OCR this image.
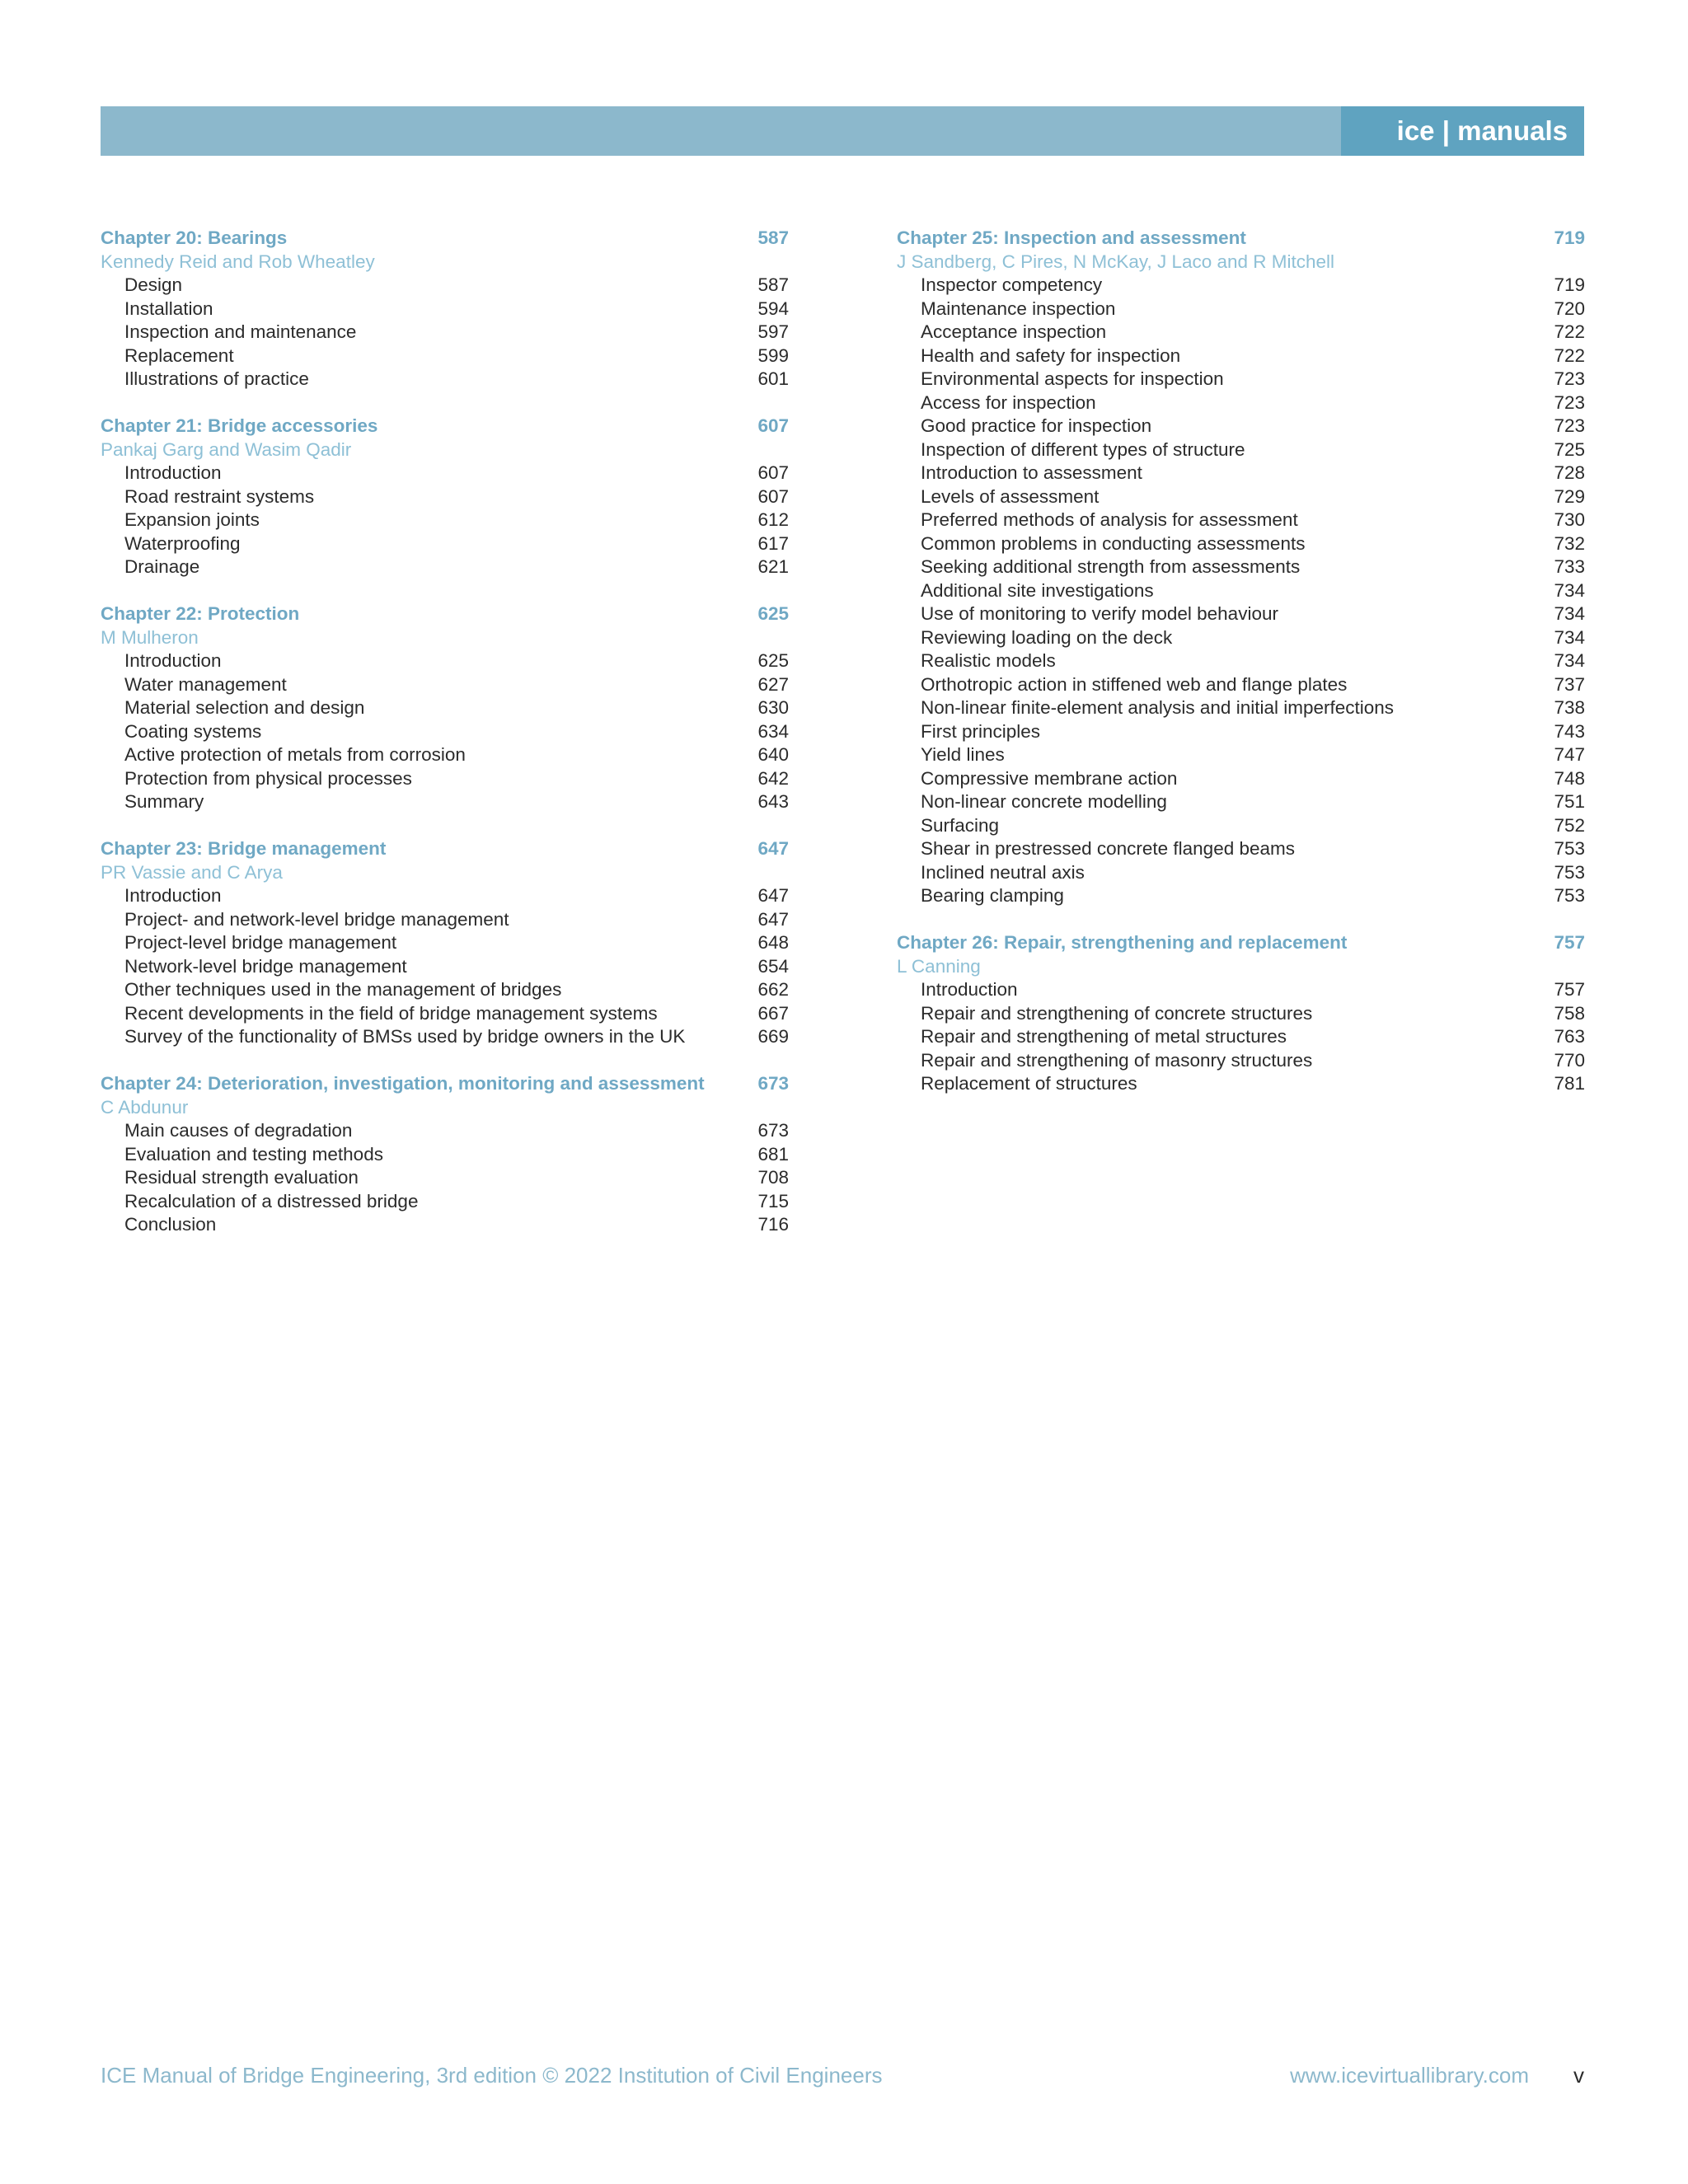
ice | manuals
Chapter 20: Bearings	587
Kennedy Reid and Rob Wheatley
Design	587
Installation	594
Inspection and maintenance	597
Replacement	599
Illustrations of practice	601
Chapter 21: Bridge accessories	607
Pankaj Garg and Wasim Qadir
Introduction	607
Road restraint systems	607
Expansion joints	612
Waterproofing	617
Drainage	621
Chapter 22: Protection	625
M Mulheron
Introduction	625
Water management	627
Material selection and design	630
Coating systems	634
Active protection of metals from corrosion	640
Protection from physical processes	642
Summary	643
Chapter 23: Bridge management	647
PR Vassie and C Arya
Introduction	647
Project- and network-level bridge management	647
Project-level bridge management	648
Network-level bridge management	654
Other techniques used in the management of bridges	662
Recent developments in the field of bridge management systems	667
Survey of the functionality of BMSs used by bridge owners in the UK	669
Chapter 24: Deterioration, investigation, monitoring and assessment	673
C Abdunur
Main causes of degradation	673
Evaluation and testing methods	681
Residual strength evaluation	708
Recalculation of a distressed bridge	715
Conclusion	716
Chapter 25: Inspection and assessment	719
J Sandberg, C Pires, N McKay, J Laco and R Mitchell
Inspector competency	719
Maintenance inspection	720
Acceptance inspection	722
Health and safety for inspection	722
Environmental aspects for inspection	723
Access for inspection	723
Good practice for inspection	723
Inspection of different types of structure	725
Introduction to assessment	728
Levels of assessment	729
Preferred methods of analysis for assessment	730
Common problems in conducting assessments	732
Seeking additional strength from assessments	733
Additional site investigations	734
Use of monitoring to verify model behaviour	734
Reviewing loading on the deck	734
Realistic models	734
Orthotropic action in stiffened web and flange plates	737
Non-linear finite-element analysis and initial imperfections	738
First principles	743
Yield lines	747
Compressive membrane action	748
Non-linear concrete modelling	751
Surfacing	752
Shear in prestressed concrete flanged beams	753
Inclined neutral axis	753
Bearing clamping	753
Chapter 26: Repair, strengthening and replacement	757
L Canning
Introduction	757
Repair and strengthening of concrete structures	758
Repair and strengthening of metal structures	763
Repair and strengthening of masonry structures	770
Replacement of structures	781
ICE Manual of Bridge Engineering, 3rd edition © 2022 Institution of Civil Engineers	www.icevirtuallibrary.com v
